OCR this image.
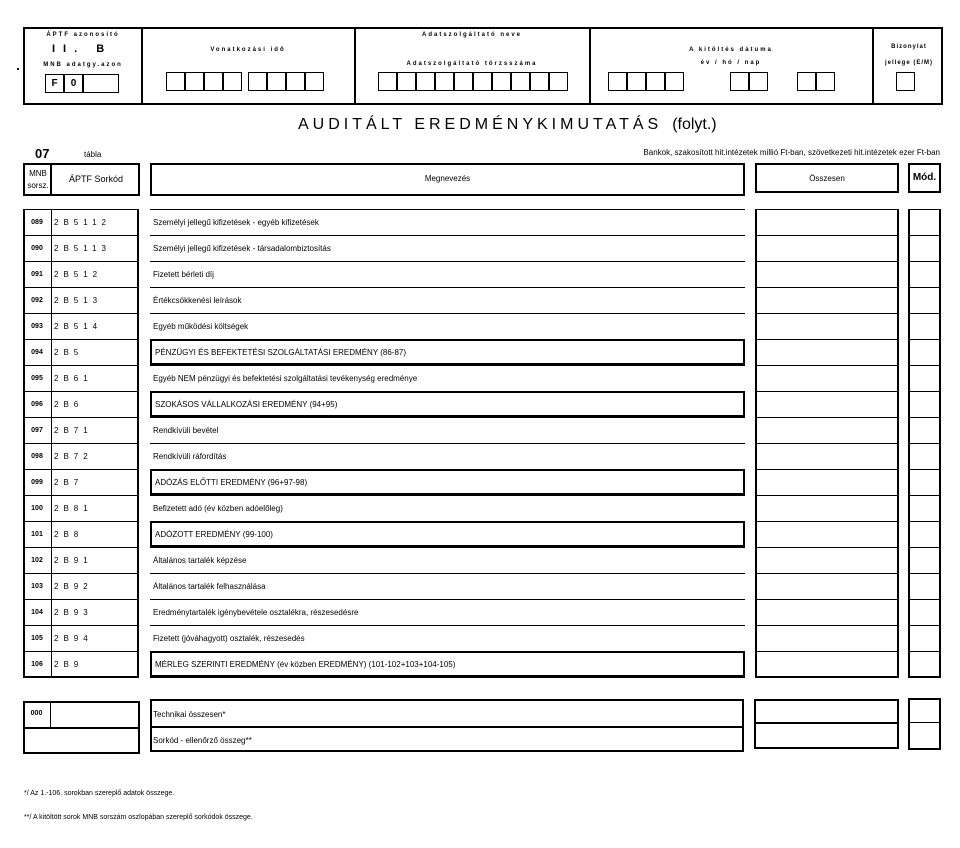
ÁPTF azonosító
II. B
MNB adatgy.azon
F	0
Vonatkozási idő
Adatszolgáltató neve
Adatszolgáltató törzsszáma
A kitöltés dátuma
év / hó / nap
Bizonylat
jellege (E/M)
AUDITÁLT EREDMÉNYKIMUTATÁS (folyt.)
07	tábla	Bankok, szakosított hit.intézetek millió Ft-ban, szövetkezeti hit.intézetek ezer Ft-ban
MNB sorsz.
ÁPTF Sorkód	Megnevezés	Összesen	Mód.
089	2B5112	Személyi jellegű kifizetések - egyéb kifizetések
090	2B5113	Személyi jellegű kifizetések - társadalombiztosítás
091	2B512	Fizetett bérleti díj
092	2B513	Értékcsökkenési leírások
093	2B514	Egyéb működési költségek
094	2B5	PÉNZÜGYI ÉS BEFEKTETÉSI SZOLGÁLTATÁSI EREDMÉNY (86-87)
095	2B61	Egyéb NEM pénzügyi és befektetési szolgáltatási tevékenység eredménye
096	2B6	SZOKÁSOS VÁLLALKOZÁSI EREDMÉNY (94+95)
097	2B71	Rendkívüli bevétel
098	2B72	Rendkívüli ráfordítás
099	2B7	ADÓZÁS ELŐTTI EREDMÉNY (96+97-98)
100	2B81	Befizetett adó (év közben adóelőleg)
101	2B8	ADÓZOTT EREDMÉNY (99-100)
102	2B91	Általános tartalék képzése
103	2B92	Általános tartalék felhasználása
104	2B93	Eredménytartalék igénybevétele osztalékra, részesedésre
105	2B94	Fizetett (jóváhagyott) osztalék, részesedés
106	2B9	MÉRLEG SZERINTI EREDMÉNY (év közben EREDMÉNY) (101-102+103+104-105)
000	Technikai összesen*
Sorkód - ellenőrző összeg**
*/ Az 1.-106. sorokban szereplő adatok összege.
**/ A kitöltött sorok MNB sorszám oszlopában szereplő sorkódok összege.
